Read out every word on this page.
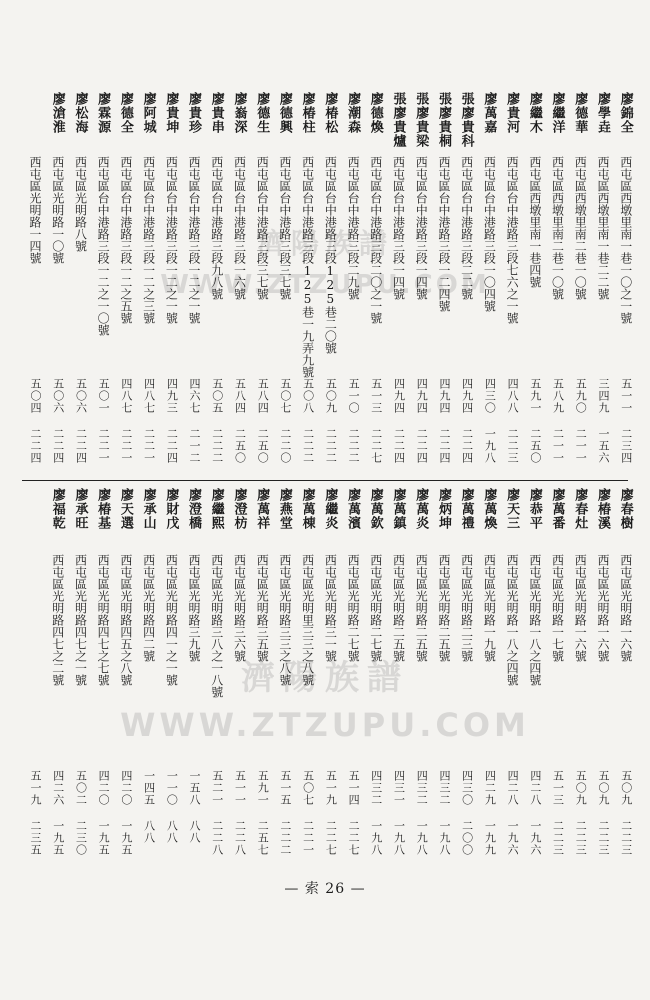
濟陽族譜
WWW.ZTZUPU.COM
濟陽族譜
WWW.ZTZUPU.COM
廖錦全
西屯區西墩里南一巷一〇之一號
五一一 二三四
廖學垚
西屯區西墩里南一巷二二號
三四九 一五六
廖德華
西屯區西墩里南二巷一〇號
五九〇 二一一
廖繼洋
西屯區西墩里南二巷一〇號
五八九 二一一
廖繼木
西屯區西墩里南一巷四號
五九一 二五〇
廖貴河
西屯區台中港路三段七六之一號
四八八 二二三
廖萬嘉
西屯區台中港路三段一〇四號
四三〇 一九八
張廖貴科
西屯區台中港路三段二二號
四九四 二二四
張廖貴桐
西屯區台中港路三段一二四號
四九四 二二四
張廖貴梁
西屯區台中港路三段一四號
四九四 二二四
張廖貴爐
西屯區台中港路三段一四號
四九四 二二四
廖德煥
西屯區台中港路三段二〇之一號
五一三 二二七
廖潮森
西屯區台中港路三段二九號
五一〇 二二二
廖椿松
西屯區台中港路三段125巷二〇號
五〇九 二二二
廖椿柱
西屯區台中港路三段125巷一九弄九號
五〇八 二二二
廖德興
西屯區台中港路三段三七號
五〇七 二二〇
廖德生
西屯區台中港路三段三七號
五八四 二五〇
廖嵡深
西屯區台中港路三段一六號
五八四 二五〇
廖貴串
西屯區台中港路三段九八號
五〇五 二二二
廖貴珍
西屯區台中港路三段一二之一號
四六七 二一二
廖貴坤
西屯區台中港路三段一二之一號
四九三 二二四
廖阿城
西屯區台中港路三段一二之三號
四八七 二二一
廖德全
西屯區台中港路三段一二之五號
四八七 二二一
廖霖源
西屯區台中港路三段一二之一〇號
五〇一 二二一
廖松海
西屯區光明路八號
五〇六 二二四
廖滄淮
西屯區光明路一〇號
五〇六 二二四
西屯區光明路一四號
五〇四 二二四
廖春樹
西屯區光明路一六號
五〇九 二二三
廖椿溪
西屯區光明路一六號
五〇九 二二三
廖春灶
西屯區光明路一六號
五〇九 二二三
廖萬番
西屯區光明路一七號
五一三 二二三
廖恭平
西屯區光明路一八之四號
四二八 一九六
廖天三
西屯區光明路一八之四號
四二八 一九六
廖萬煥
西屯區光明路一九號
四二九 一九九
廖萬禮
西屯區光明路二三號
四三〇 二〇〇
廖炳坤
西屯區光明路二五號
四三二 一九八
廖萬炎
西屯區光明路二五號
四三二 一九八
廖萬鎮
西屯區光明路二五號
四三一 一九八
廖萬欽
西屯區光明路二七號
四三二 一九八
廖萬濱
西屯區光明路二七號
五一四 二二七
廖繼炎
西屯區光明路三一號
五一九 二二七
廖萬棟
西屯區光明里三三之八號
五〇七 二二一
廖燕堂
西屯區光明路三三之八號
五一五 二二二
廖萬祥
西屯區光明路三五號
五九一 二五七
廖澄枋
西屯區光明路三六號
五一一 二二八
廖繼熙
西屯區光明路三八之一八號
五二一 二二八
廖澄橋
西屯區光明路三九號
一五八 八八
廖財戊
西屯區光明路四一之一號
一一〇 八八
廖承山
西屯區光明路四二號
一四五 八八
廖天選
西屯區光明路四五之八號
四二〇 一九五
廖椿基
西屯區光明路四七之七號
四二〇 一九五
廖承旺
西屯區光明路四七之一號
五〇二 二三〇
廖福乾
西屯區光明路四七之二號
四二六 一九五
五一九 二三五
— 索 26 —
